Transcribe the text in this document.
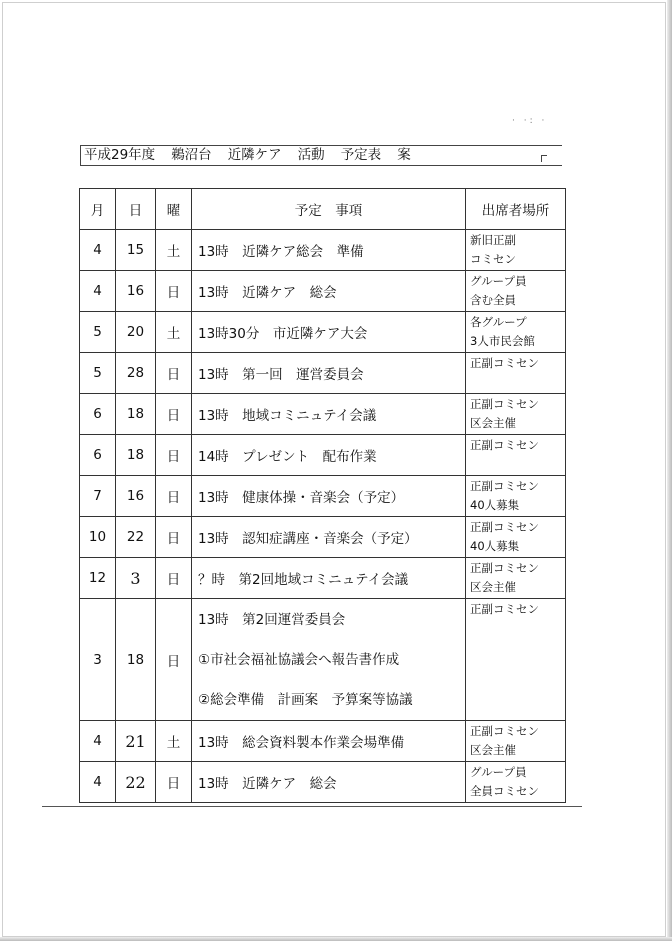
· ·: ·
平成29年度 鵜沼台 近隣ケア 活動 予定表 案
月	日	曜	予定　事項	出席者場所
4	15	土	13時　近隣ケア総会　準備	新旧正副
コミセン

4	16	日	13時　近隣ケア　総会	グループ員
含む全員

5	20	土	13時30分　市近隣ケア大会	各グループ
3人市民会館

5	28	日	13時　第一回　運営委員会	正副コミセン

6	18	日	13時　地域コミニュテイ会議	正副コミセン
区会主催

6	18	日	14時　プレゼント　配布作業	正副コミセン

7	16	日	13時　健康体操・音楽会（予定）	正副コミセン
40人募集

10	22	日	13時　認知症講座・音楽会（予定）	正副コミセン
40人募集

12	3	日	？時　第2回地域コミニュテイ会議	正副コミセン
区会主催

3	18	日	13時　第2回運営委員会
①市社会福祉協議会へ報告書作成
②総会準備　計画案　予算案等協議	正副コミセン

4	21	土	13時　総会資料製本作業会場準備	正副コミセン
区会主催

4	22	日	13時　近隣ケア　総会	グループ員
全員コミセン
